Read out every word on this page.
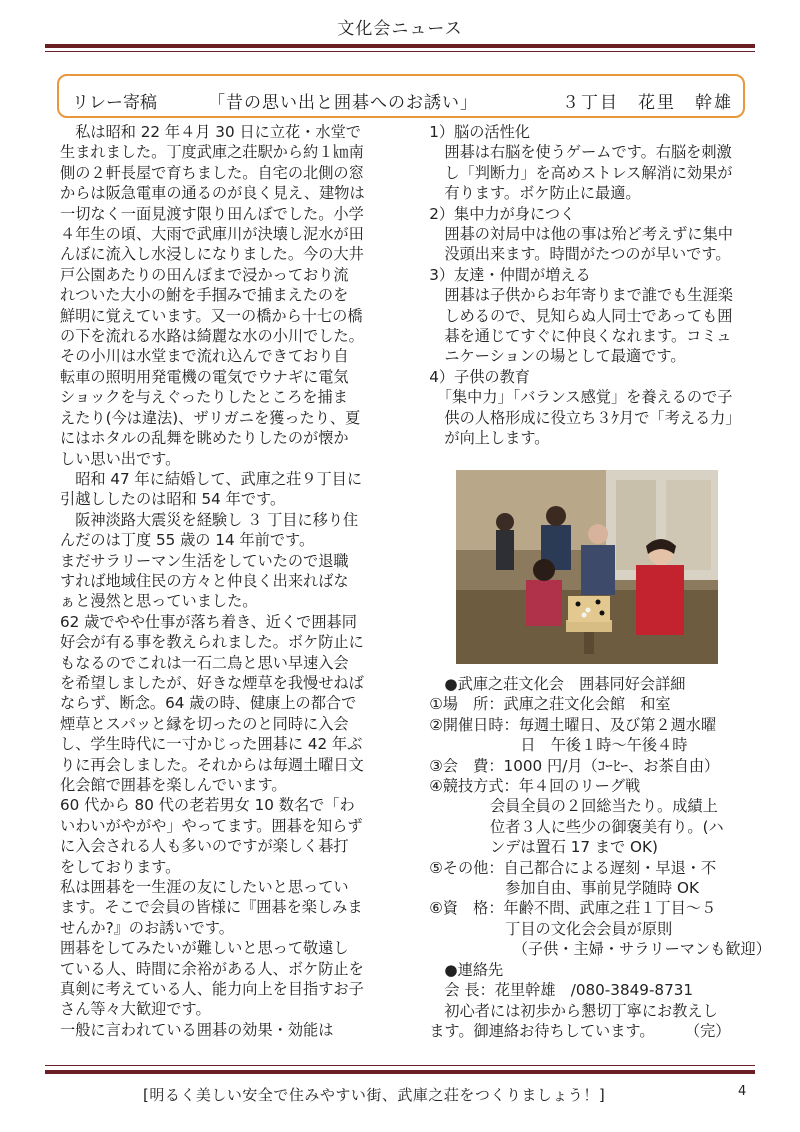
文化会ニュース
リレー寄稿	「昔の思い出と囲碁へのお誘い」	３丁目　花里　幹雄

　私は昭和 22 年４月 30 日に立花・水堂で

生まれました。丁度武庫之荘駅から約１㎞南

側の２軒長屋で育ちました。自宅の北側の窓

からは阪急電車の通るのが良く見え、建物は

一切なく一面見渡す限り田んぼでした。小学

４年生の頃、大雨で武庫川が決壊し泥水が田

んぼに流入し水浸しになりました。今の大井

戸公園あたりの田んぼまで浸かっており流

れついた大小の鮒を手掴みで捕まえたのを

鮮明に覚えています。又一の橋から十七の橋

の下を流れる水路は綺麗な水の小川でした。

その小川は水堂まで流れ込んできており自

転車の照明用発電機の電気でウナギに電気

ショックを与えぐったりしたところを捕ま

えたり(今は違法)、ザリガニを獲ったり、夏

にはホタルの乱舞を眺めたりしたのが懐か

しい思い出です。

　昭和 47 年に結婚して、武庫之荘９丁目に

引越ししたのは昭和 54 年です。

　阪神淡路大震災を経験し ３ 丁目に移り住

んだのは丁度 55 歳の 14 年前です。

まだサラリーマン生活をしていたので退職

すれば地域住民の方々と仲良く出来ればな

ぁと漫然と思っていました。

62 歳でやや仕事が落ち着き、近くで囲碁同

好会が有る事を教えられました。ボケ防止に

もなるのでこれは一石二鳥と思い早速入会

を希望しましたが、好きな煙草を我慢せねば

ならず、断念。64 歳の時、健康上の都合で

煙草とスパッと縁を切ったのと同時に入会

し、学生時代に一寸かじった囲碁に 42 年ぶ

りに再会しました。それからは毎週土曜日文

化会館で囲碁を楽しんでいます。

60 代から 80 代の老若男女 10 数名で「わ

いわいがやがや」やってます。囲碁を知らず

に入会される人も多いのですが楽しく碁打

をしております。

私は囲碁を一生涯の友にしたいと思ってい

ます。そこで会員の皆様に『囲碁を楽しみま

せんか?』のお誘いです。

囲碁をしてみたいが難しいと思って敬遠し

ている人、時間に余裕がある人、ボケ防止を

真剣に考えている人、能力向上を目指すお子

さん等々大歓迎です。

一般に言われている囲碁の効果・効能は

　1）脳の活性化

　　囲碁は右脳を使うゲームです。右脳を刺激

　　し「判断力」を高めストレス解消に効果が

　　有ります。ボケ防止に最適。

　2）集中力が身につく

　　囲碁の対局中は他の事は殆ど考えずに集中

　　没頭出来ます。時間がたつのが早いです。

　3）友達・仲間が増える

　　囲碁は子供からお年寄りまで誰でも生涯楽

　　しめるので、見知らぬ人同士であっても囲

　　碁を通じてすぐに仲良くなれます。コミュ

　　ニケーションの場として最適です。

　4）子供の教育

　　「集中力」「バランス感覚」を養えるので子

　　供の人格形成に役立ち３ｹ月で「考える力」

　　が向上します。

　　●武庫之荘文化会　囲碁同好会詳細

　①場　所：武庫之荘文化会館　和室

　②開催日時：毎週土曜日、及び第２週水曜

　　　　　　　日　午後１時～午後４時

　③会　費：1000 円/月（ｺｰﾋｰ、お茶自由）

　④競技方式：年４回のリーグ戦

　　　　　会員全員の２回総当たり。成績上

　　　　　位者３人に些少の御褒美有り。(ハ

　　　　　ンデは置石 17 まで OK)

　⑤その他：自己都合による遅刻・早退・不

　　　　　　参加自由、事前見学随時 OK

　⑥資　格：年齢不問、武庫之荘１丁目～５

　　　　　　丁目の文化会会員が原則

　　　　　　　（子供・主婦・サラリーマンも歓迎）

　　●連絡先

　　会 長：花里幹雄　/080-3849-8731

　　初心者には初歩から懇切丁寧にお教えし

　ます。御連絡お待ちしています。　　　（完）

[明るく美しい安全で住みやすい街、武庫之荘をつくりましょう！]	4
